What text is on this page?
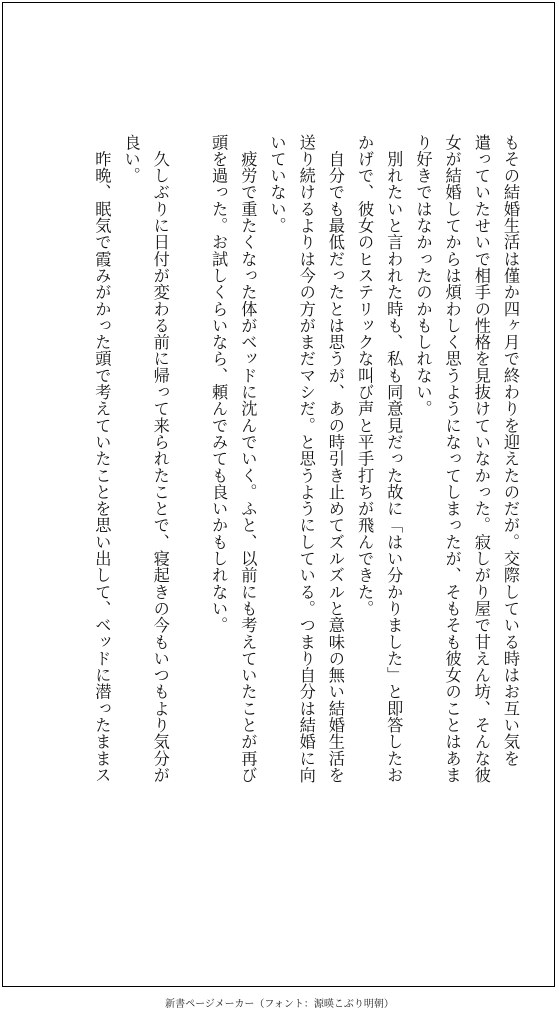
もその結婚生活は僅か四ヶ月で終わりを迎えたのだが。交際している時はお互い気を
遣っていたせいで相手の性格を見抜けていなかった。寂しがり屋で甘えん坊、そんな彼
女が結婚してからは煩わしく思うようになってしまったが、そもそも彼女のことはあま
り好きではなかったのかもしれない。
　別れたいと言われた時も、私も同意見だった故に「はい分かりました」と即答したお
かげで、彼女のヒステリックな叫び声と平手打ちが飛んできた。
　自分でも最低だったとは思うが、あの時引き止めてズルズルと意味の無い結婚生活を
送り続けるよりは今の方がまだマシだ。と思うようにしている。つまり自分は結婚に向
いていない。
　疲労で重たくなった体がベッドに沈んでいく。ふと、以前にも考えていたことが再び
頭を過った。お試しくらいなら、頼んでみても良いかもしれない。
　久しぶりに日付が変わる前に帰って来られたことで、寝起きの今もいつもより気分が
良い。
　昨晩、眠気で霞みがかった頭で考えていたことを思い出して、ベッドに潜ったままス
新書ページメーカー（フォント：源暎こぶり明朝）
